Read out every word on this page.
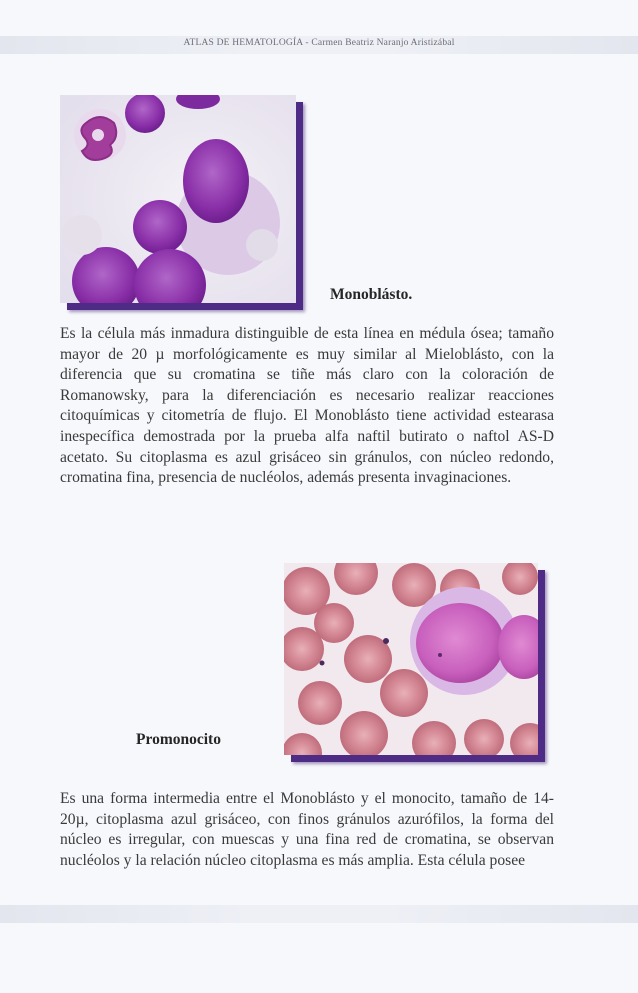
ATLAS DE HEMATOLOGÍA - Carmen Beatriz Naranjo Aristizábal
Monoblásto.

Es la célula más inmadura distinguible de esta línea en médula ósea; tamaño mayor de 20 µ morfológicamente es muy similar al Mieloblásto, con la diferencia que su cromatina se tiñe más claro con la coloración de Romanowsky, para la diferenciación es necesario realizar reacciones citoquímicas y citometría de flujo. El Monoblásto tiene actividad estearasa inespecífica demostrada por la prueba alfa naftil butirato o naftol AS-D acetato. Su citoplasma es azul grisáceo sin gránulos, con núcleo redondo, cromatina fina, presencia de nucléolos, además presenta invaginaciones.

Promonocito

Es una forma intermedia entre el Monoblásto y el monocito, tamaño de 14-20µ, citoplasma azul grisáceo, con finos gránulos azurófilos, la forma del núcleo es irregular, con muescas y una fina red de cromatina, se observan nucléolos y la relación núcleo citoplasma es más amplia. Esta célula posee
